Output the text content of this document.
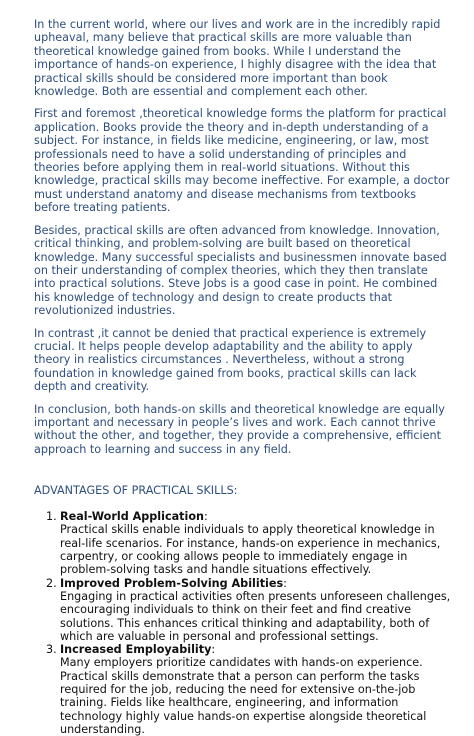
In the current world, where our lives and work are in the incredibly rapid upheaval, many believe that practical skills are more valuable than theoretical knowledge gained from books. While I understand the importance of hands-on experience, I highly disagree with the idea that practical skills should be considered more important than book knowledge. Both are essential and complement each other.

First and foremost ,theoretical knowledge forms the platform for practical application. Books provide the theory and in-depth understanding of a subject. For instance, in fields like medicine, engineering, or law, most professionals need to have a solid understanding of principles and theories before applying them in real-world situations. Without this knowledge, practical skills may become ineffective. For example, a doctor must understand anatomy and disease mechanisms from textbooks before treating patients.

Besides, practical skills are often advanced from knowledge. Innovation, critical thinking, and problem-solving are built based on theoretical knowledge. Many successful specialists and businessmen innovate based on their understanding of complex theories, which they then translate into practical solutions. Steve Jobs is a good case in point. He combined his knowledge of technology and design to create products that revolutionized industries.

In contrast ,it cannot be denied that practical experience is extremely crucial. It helps people develop adaptability and the ability to apply theory in realistics circumstances . Nevertheless, without a strong foundation in knowledge gained from books, practical skills can lack depth and creativity.

In conclusion, both hands-on skills and theoretical knowledge are equally important and necessary in people’s lives and work. Each cannot thrive without the other, and together, they provide a comprehensive, efficient approach to learning and success in any field.

ADVANTAGES OF PRACTICAL SKILLS:
1. Real-World Application:
Practical skills enable individuals to apply theoretical knowledge in real-life scenarios. For instance, hands-on experience in mechanics, carpentry, or cooking allows people to immediately engage in problem-solving tasks and handle situations effectively.
2. Improved Problem-Solving Abilities:
Engaging in practical activities often presents unforeseen challenges, encouraging individuals to think on their feet and find creative solutions. This enhances critical thinking and adaptability, both of which are valuable in personal and professional settings.
3. Increased Employability:
Many employers prioritize candidates with hands-on experience. Practical skills demonstrate that a person can perform the tasks required for the job, reducing the need for extensive on-the-job training. Fields like healthcare, engineering, and information technology highly value hands-on expertise alongside theoretical understanding.
